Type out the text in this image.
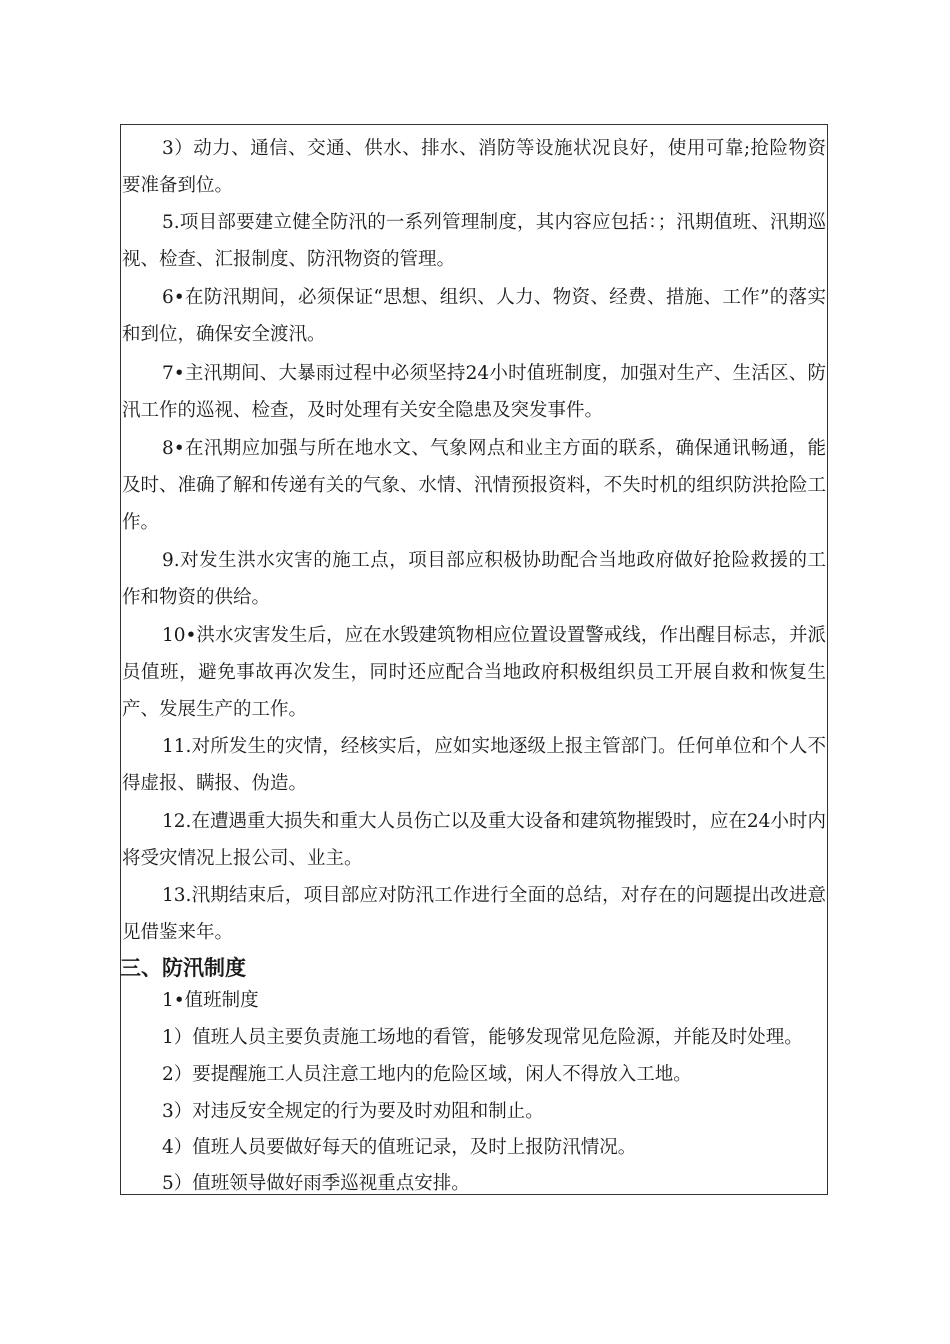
3）动力、通信、交通、供水、排水、消防等设施状况良好，使用可靠;抢险物资要准备到位。

5.项目部要建立健全防汛的一系列管理制度，其内容应包括：；汛期值班、汛期巡视、检查、汇报制度、防汛物资的管理。

6•在防汛期间，必须保证“思想、组织、人力、物资、经费、措施、工作”的落实和到位，确保安全渡汛。

7•主汛期间、大暴雨过程中必须坚持24小时值班制度，加强对生产、生活区、防汛工作的巡视、检查，及时处理有关安全隐患及突发事件。

8•在汛期应加强与所在地水文、气象网点和业主方面的联系，确保通讯畅通，能及时、准确了解和传递有关的气象、水情、汛情预报资料，不失时机的组织防洪抢险工作。

9.对发生洪水灾害的施工点，项目部应积极协助配合当地政府做好抢险救援的工作和物资的供给。

10•洪水灾害发生后，应在水毁建筑物相应位置设置警戒线，作出醒目标志，并派员值班，避免事故再次发生，同时还应配合当地政府积极组织员工开展自救和恢复生产、发展生产的工作。

11.对所发生的灾情，经核实后，应如实地逐级上报主管部门。任何单位和个人不得虚报、瞒报、伪造。

12.在遭遇重大损失和重大人员伤亡以及重大设备和建筑物摧毁时，应在24小时内将受灾情况上报公司、业主。

13.汛期结束后，项目部应对防汛工作进行全面的总结，对存在的问题提出改进意见借鉴来年。

三、防汛制度

1•值班制度

1）值班人员主要负责施工场地的看管，能够发现常见危险源，并能及时处理。

2）要提醒施工人员注意工地内的危险区域，闲人不得放入工地。

3）对违反安全规定的行为要及时劝阻和制止。

4）值班人员要做好每天的值班记录，及时上报防汛情况。

5）值班领导做好雨季巡视重点安排。
